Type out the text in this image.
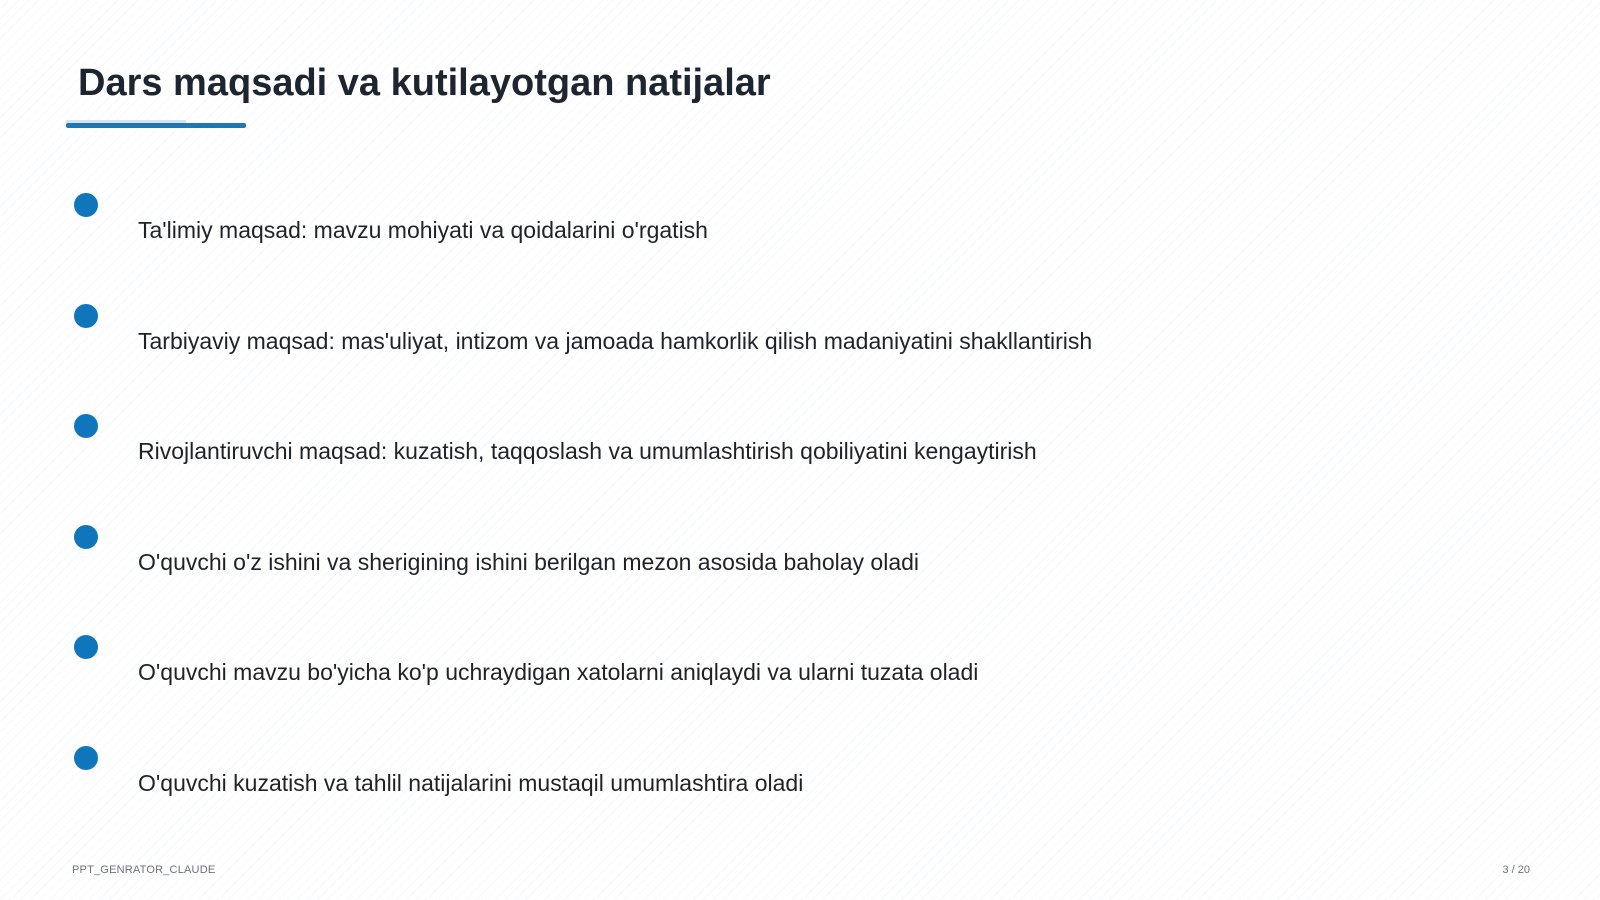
Dars maqsadi va kutilayotgan natijalar
Ta'limiy maqsad: mavzu mohiyati va qoidalarini o'rgatish
Tarbiyaviy maqsad: mas'uliyat, intizom va jamoada hamkorlik qilish madaniyatini shakllantirish
Rivojlantiruvchi maqsad: kuzatish, taqqoslash va umumlashtirish qobiliyatini kengaytirish
O'quvchi o'z ishini va sherigining ishini berilgan mezon asosida baholay oladi
O'quvchi mavzu bo'yicha ko'p uchraydigan xatolarni aniqlaydi va ularni tuzata oladi
O'quvchi kuzatish va tahlil natijalarini mustaqil umumlashtira oladi
PPT_GENRATOR_CLAUDE	3 / 20
